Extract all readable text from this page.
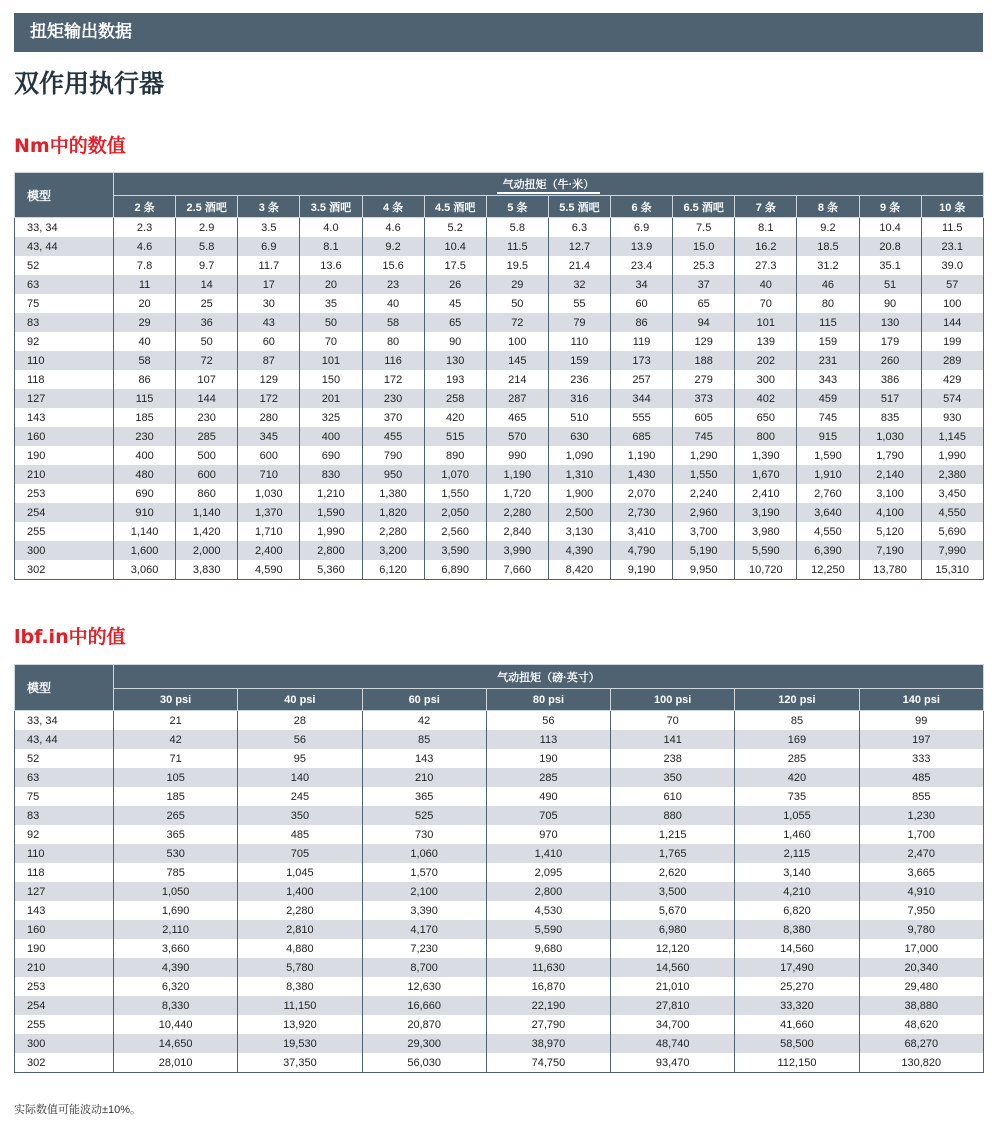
扭矩输出数据
双作用执行器
Nm中的数值
模型	气动扭矩（牛·米）													
	2 条	2.5 酒吧	3 条	3.5 酒吧	4 条	4.5 酒吧	5 条	5.5 酒吧	6 条	6.5 酒吧	7 条	8 条	9 条	10 条
33, 34	2.3	2.9	3.5	4.0	4.6	5.2	5.8	6.3	6.9	7.5	8.1	9.2	10.4	11.5
43, 44	4.6	5.8	6.9	8.1	9.2	10.4	11.5	12.7	13.9	15.0	16.2	18.5	20.8	23.1
52	7.8	9.7	11.7	13.6	15.6	17.5	19.5	21.4	23.4	25.3	27.3	31.2	35.1	39.0
63	11	14	17	20	23	26	29	32	34	37	40	46	51	57
75	20	25	30	35	40	45	50	55	60	65	70	80	90	100
83	29	36	43	50	58	65	72	79	86	94	101	115	130	144
92	40	50	60	70	80	90	100	110	119	129	139	159	179	199
110	58	72	87	101	116	130	145	159	173	188	202	231	260	289
118	86	107	129	150	172	193	214	236	257	279	300	343	386	429
127	115	144	172	201	230	258	287	316	344	373	402	459	517	574
143	185	230	280	325	370	420	465	510	555	605	650	745	835	930
160	230	285	345	400	455	515	570	630	685	745	800	915	1,030	1,145
190	400	500	600	690	790	890	990	1,090	1,190	1,290	1,390	1,590	1,790	1,990
210	480	600	710	830	950	1,070	1,190	1,310	1,430	1,550	1,670	1,910	2,140	2,380
253	690	860	1,030	1,210	1,380	1,550	1,720	1,900	2,070	2,240	2,410	2,760	3,100	3,450
254	910	1,140	1,370	1,590	1,820	2,050	2,280	2,500	2,730	2,960	3,190	3,640	4,100	4,550
255	1,140	1,420	1,710	1,990	2,280	2,560	2,840	3,130	3,410	3,700	3,980	4,550	5,120	5,690
300	1,600	2,000	2,400	2,800	3,200	3,590	3,990	4,390	4,790	5,190	5,590	6,390	7,190	7,990
302	3,060	3,830	4,590	5,360	6,120	6,890	7,660	8,420	9,190	9,950	10,720	12,250	13,780	15,310
lbf.in中的值
模型	气动扭矩（磅·英寸）						
	30 psi	40 psi	60 psi	80 psi	100 psi	120 psi	140 psi
33, 34	21	28	42	56	70	85	99
43, 44	42	56	85	113	141	169	197
52	71	95	143	190	238	285	333
63	105	140	210	285	350	420	485
75	185	245	365	490	610	735	855
83	265	350	525	705	880	1,055	1,230
92	365	485	730	970	1,215	1,460	1,700
110	530	705	1,060	1,410	1,765	2,115	2,470
118	785	1,045	1,570	2,095	2,620	3,140	3,665
127	1,050	1,400	2,100	2,800	3,500	4,210	4,910
143	1,690	2,280	3,390	4,530	5,670	6,820	7,950
160	2,110	2,810	4,170	5,590	6,980	8,380	9,780
190	3,660	4,880	7,230	9,680	12,120	14,560	17,000
210	4,390	5,780	8,700	11,630	14,560	17,490	20,340
253	6,320	8,380	12,630	16,870	21,010	25,270	29,480
254	8,330	11,150	16,660	22,190	27,810	33,320	38,880
255	10,440	13,920	20,870	27,790	34,700	41,660	48,620
300	14,650	19,530	29,300	38,970	48,740	58,500	68,270
302	28,010	37,350	56,030	74,750	93,470	112,150	130,820
实际数值可能波动±10%。
